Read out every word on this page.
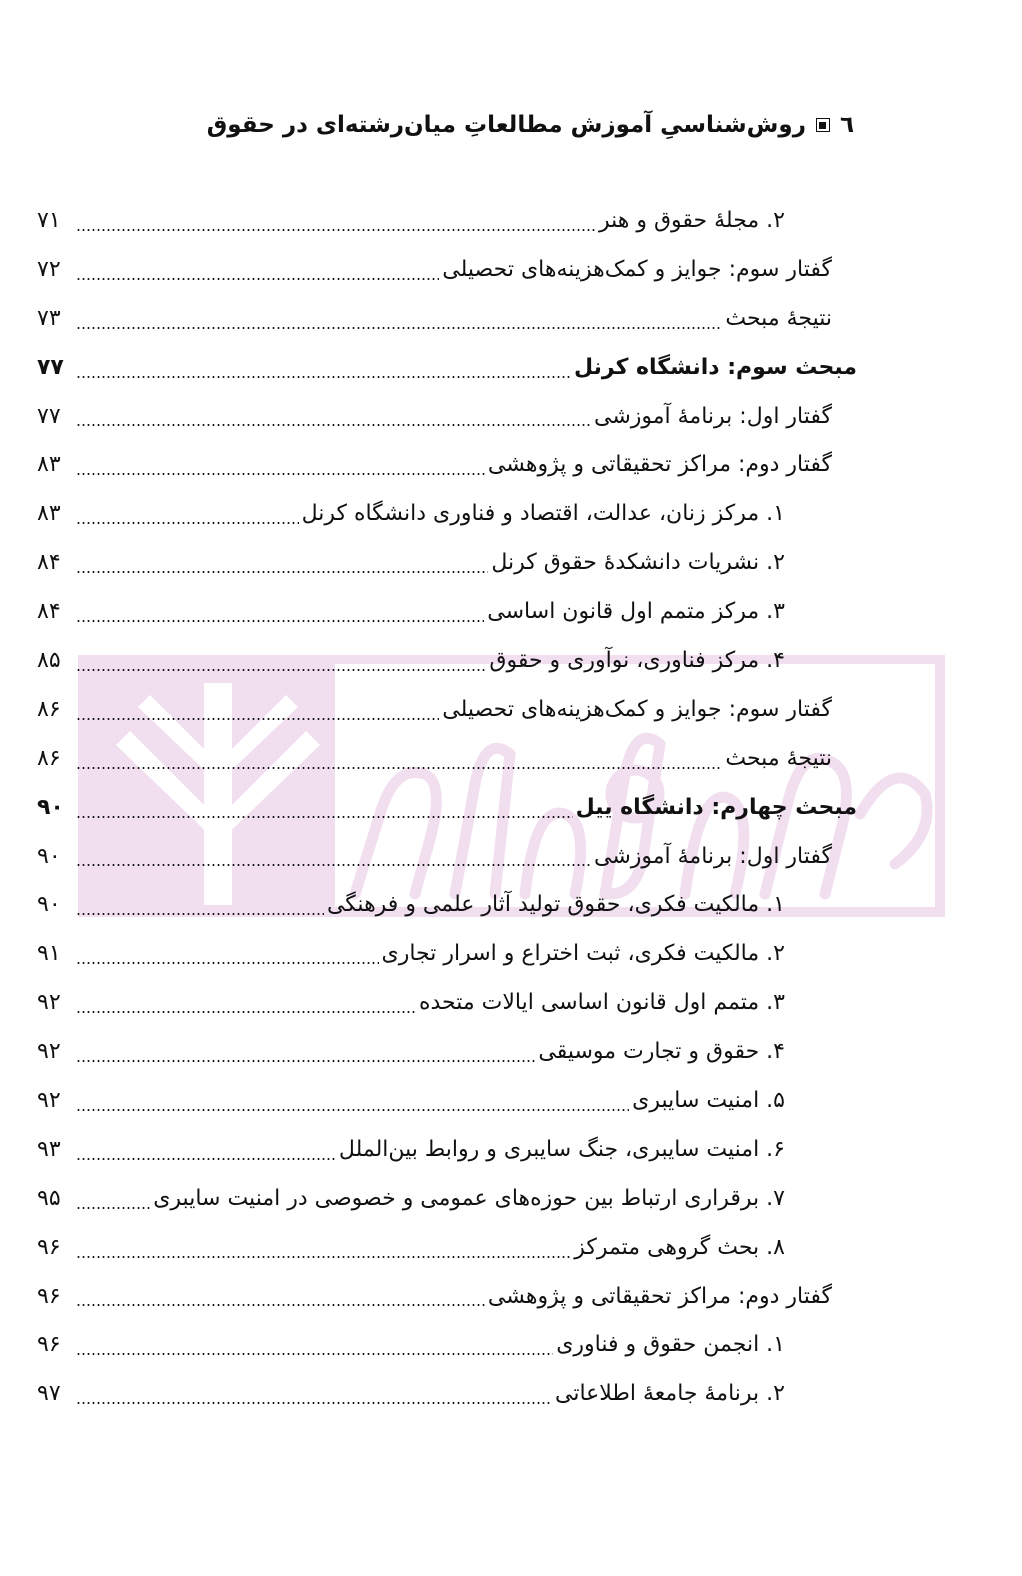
٦
روش‌شناسیِ آموزش مطالعاتِ میان‌رشته‌ای در حقوق
۲. مجلهٔ حقوق و هنر
۷۱
گفتار سوم: جوایز و کمک‌هزینه‌های تحصیلی
۷۲
نتیجهٔ مبحث
۷۳
مبحث سوم: دانشگاه کرنل
۷۷
گفتار اول: برنامهٔ آموزشی
۷۷
گفتار دوم: مراکز تحقیقاتی و پژوهشی
۸۳
۱. مرکز زنان، عدالت، اقتصاد و فناوری دانشگاه کرنل
۸۳
۲. نشریات دانشکدهٔ حقوق کرنل
۸۴
۳. مرکز متمم اول قانون اساسی
۸۴
۴. مرکز فناوری، نوآوری و حقوق
۸۵
گفتار سوم: جوایز و کمک‌هزینه‌های تحصیلی
۸۶
نتیجهٔ مبحث
۸۶
مبحث چهارم: دانشگاه ییل
۹۰
گفتار اول: برنامهٔ آموزشی
۹۰
۱. مالکیت فکری، حقوق تولید آثار علمی و فرهنگی
۹۰
۲. مالکیت فکری، ثبت اختراع و اسرار تجاری
۹۱
۳. متمم اول قانون اساسی ایالات متحده
۹۲
۴. حقوق و تجارت موسیقی
۹۲
۵. امنیت سایبری
۹۲
۶. امنیت سایبری، جنگ سایبری و روابط بین‌الملل
۹۳
۷. برقراری ارتباط بین حوزه‌های عمومی و خصوصی در امنیت سایبری
۹۵
۸. بحث گروهی متمرکز
۹۶
گفتار دوم: مراکز تحقیقاتی و پژوهشی
۹۶
۱. انجمن حقوق و فناوری
۹۶
۲. برنامهٔ جامعهٔ اطلاعاتی
۹۷
